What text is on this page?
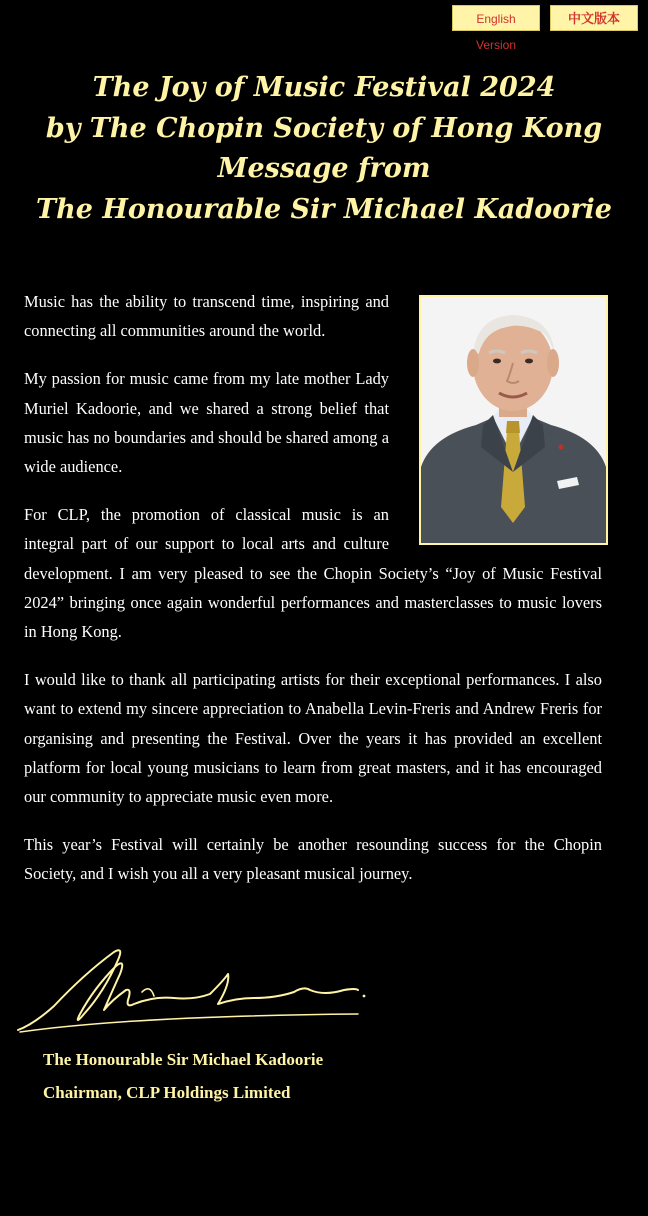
English Version
中文版本
The Joy of Music Festival 2024
by The Chopin Society of Hong Kong
Message from
The Honourable Sir Michael Kadoorie

Music has the ability to transcend time, inspiring and connecting all communities around the world.

My passion for music came from my late mother Lady Muriel Kadoorie, and we shared a strong belief that music has no boundaries and should be shared among a wide audience.

For CLP, the promotion of classical music is an integral part of our support to local arts and culture development. I am very pleased to see the Chopin Society’s “Joy of Music Festival 2024” bringing once again wonderful performances and masterclasses to music lovers in Hong Kong.

I would like to thank all participating artists for their exceptional performances. I also want to extend my sincere appreciation to Anabella Levin-Freris and Andrew Freris for organising and presenting the Festival. Over the years it has provided an excellent platform for local young musicians to learn from great masters, and it has encouraged our community to appreciate music even more.

This year’s Festival will certainly be another resounding success for the Chopin Society, and I wish you all a very pleasant musical journey.

The Honourable Sir Michael Kadoorie

Chairman, CLP Holdings Limited
